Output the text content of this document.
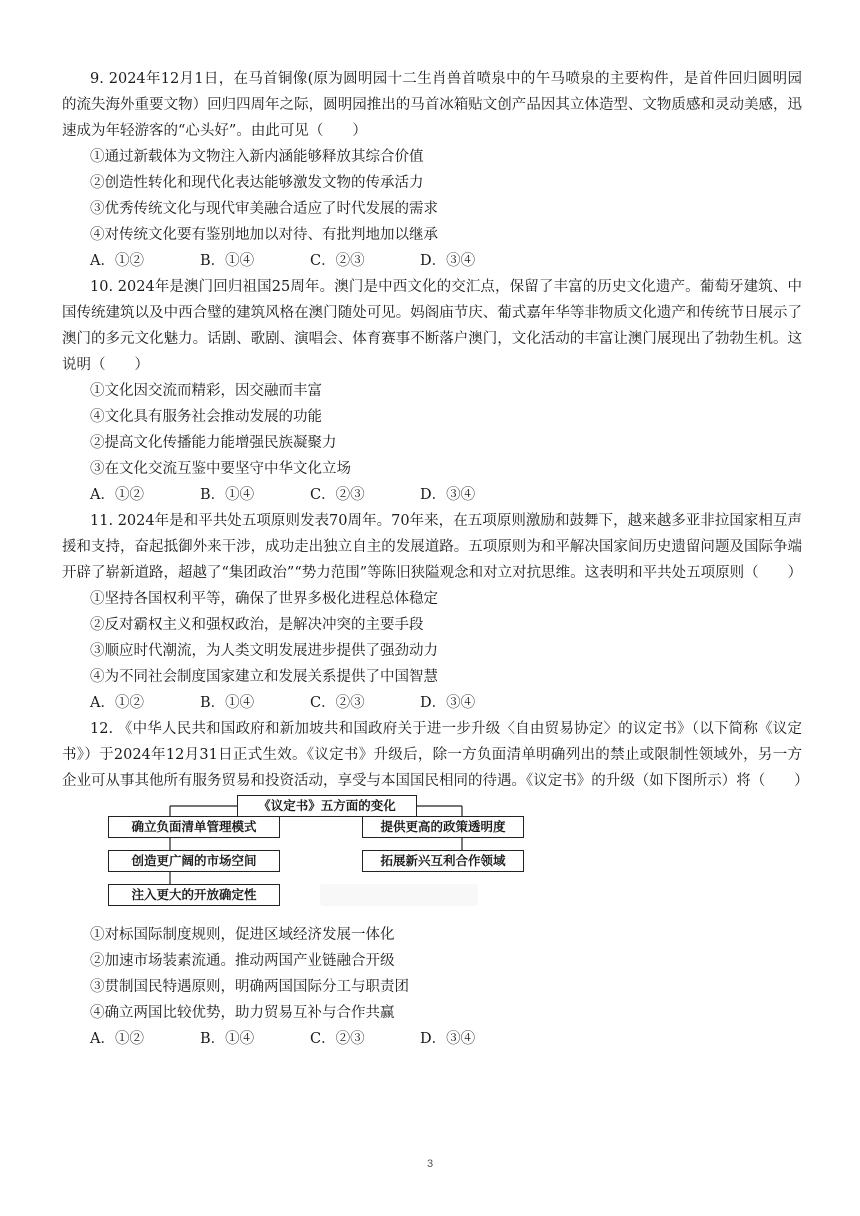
9. 2024年12月1日，在马首铜像(原为圆明园十二生肖兽首喷泉中的午马喷泉的主要构件，是首件回归圆明园的流失海外重要文物）回归四周年之际，圆明园推出的马首冰箱贴文创产品因其立体造型、文物质感和灵动美感，迅速成为年轻游客的“心头好”。由此可见（　　）

①通过新载体为文物注入新内涵能够释放其综合价值

②创造性转化和现代化表达能够激发文物的传承活力

③优秀传统文化与现代审美融合适应了时代发展的需求

④对传统文化要有鉴别地加以对待、有批判地加以继承

A．①②	B．①④	C．②③	D．③④

10. 2024年是澳门回归祖国25周年。澳门是中西文化的交汇点，保留了丰富的历史文化遗产。葡萄牙建筑、中国传统建筑以及中西合璧的建筑风格在澳门随处可见。妈阁庙节庆、葡式嘉年华等非物质文化遗产和传统节日展示了澳门的多元文化魅力。话剧、歌剧、演唱会、体育赛事不断落户澳门，文化活动的丰富让澳门展现出了勃勃生机。这说明（　　）

①文化因交流而精彩，因交融而丰富

④文化具有服务社会推动发展的功能

②提高文化传播能力能增强民族凝聚力

③在文化交流互鉴中要坚守中华文化立场

A．①②	B．①④	C．②③	D．③④

11. 2024年是和平共处五项原则发表70周年。70年来，在五项原则激励和鼓舞下，越来越多亚非拉国家相互声援和支持，奋起抵御外来干涉，成功走出独立自主的发展道路。五项原则为和平解决国家间历史遗留问题及国际争端开辟了崭新道路，超越了“集团政治”“势力范围”等陈旧狭隘观念和对立对抗思维。这表明和平共处五项原则（　　）

①坚持各国权利平等，确保了世界多极化进程总体稳定

②反对霸权主义和强权政治，是解决冲突的主要手段

③顺应时代潮流，为人类文明发展进步提供了强劲动力

④为不同社会制度国家建立和发展关系提供了中国智慧

A．①②	B．①④	C．②③	D．③④

12. 《中华人民共和国政府和新加坡共和国政府关于进一步升级〈自由贸易协定〉的议定书》（以下简称《议定书》）于2024年12月31日正式生效。《议定书》升级后，除一方负面清单明确列出的禁止或限制性领域外，另一方企业可从事其他所有服务贸易和投资活动，享受与本国国民相同的待遇。《议定书》的升级（如下图所示）将（　　）

《议定书》五方面的变化
确立负面清单管理模式
创造更广阔的市场空间
注入更大的开放确定性
提供更高的政策透明度
拓展新兴互利合作领域

①对标国际制度规则，促进区域经济发展一体化

②加速市场装素流通。推动两国产业链融合开级

③贯制国民特遇原则，明确两国国际分工与职责团

④确立两国比较优势，助力贸易互补与合作共赢

A．①②	B．①④	C．②③	D．③④
3
